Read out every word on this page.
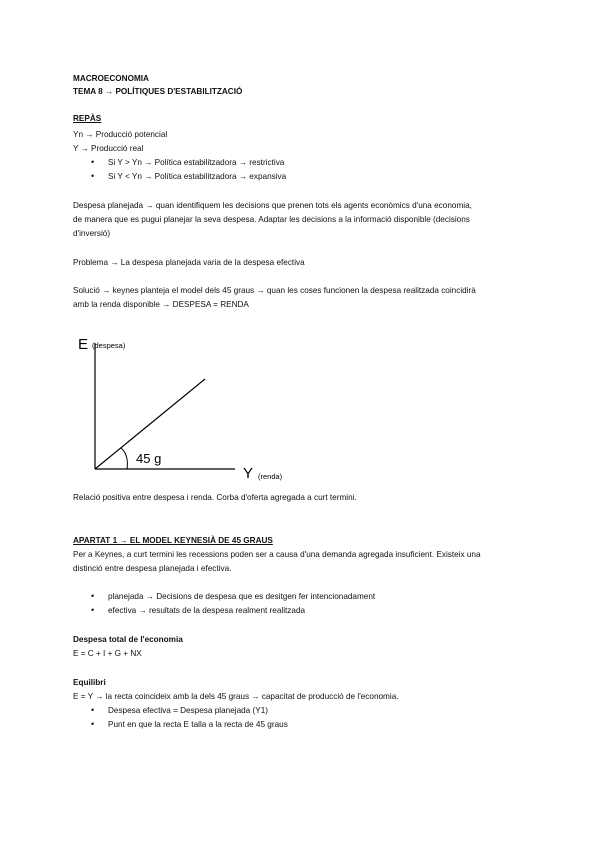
MACROECONOMIA
TEMA 8 → POLÍTIQUES D'ESTABILITZACIÓ
REPÀS
Yn → Producció potencial
Y → Producció real
• Si Y > Yn → Política estabilitzadora → restrictiva
• Si Y < Yn → Política estabilitzadora → expansiva
Despesa planejada → quan identifiquem les decisions que prenen tots els agents econòmics d'una economia,
de manera que es pugui planejar la seva despesa. Adaptar les decisions a la informació disponible (decisions
d'inversió)
Problema → La despesa planejada varia de la despesa efectiva
Solució → keynes planteja el model dels 45 graus → quan les coses funcionen la despesa realitzada coincidirà
amb la renda disponible → DESPESA = RENDA
E (despesa)
Y (renda)
45 g
Relació positiva entre despesa i renda. Corba d'oferta agregada a curt termini.
APARTAT 1 → EL MODEL KEYNESIÀ DE 45 GRAUS
Per a Keynes, a curt termini les recessions poden ser a causa d'una demanda agregada insuficient. Existeix una
distinció entre despesa planejada i efectiva.
• planejada → Decisions de despesa que es desitgen fer intencionadament
• efectiva → resultats de la despesa realment realitzada
Despesa total de l'economia
E = C + I + G + NX
Equilibri
E = Y → la recta coincideix amb la dels 45 graus → capacitat de producció de l'economia.
• Despesa efectiva = Despesa planejada (Y1)
• Punt en que la recta E talla a la recta de 45 graus
